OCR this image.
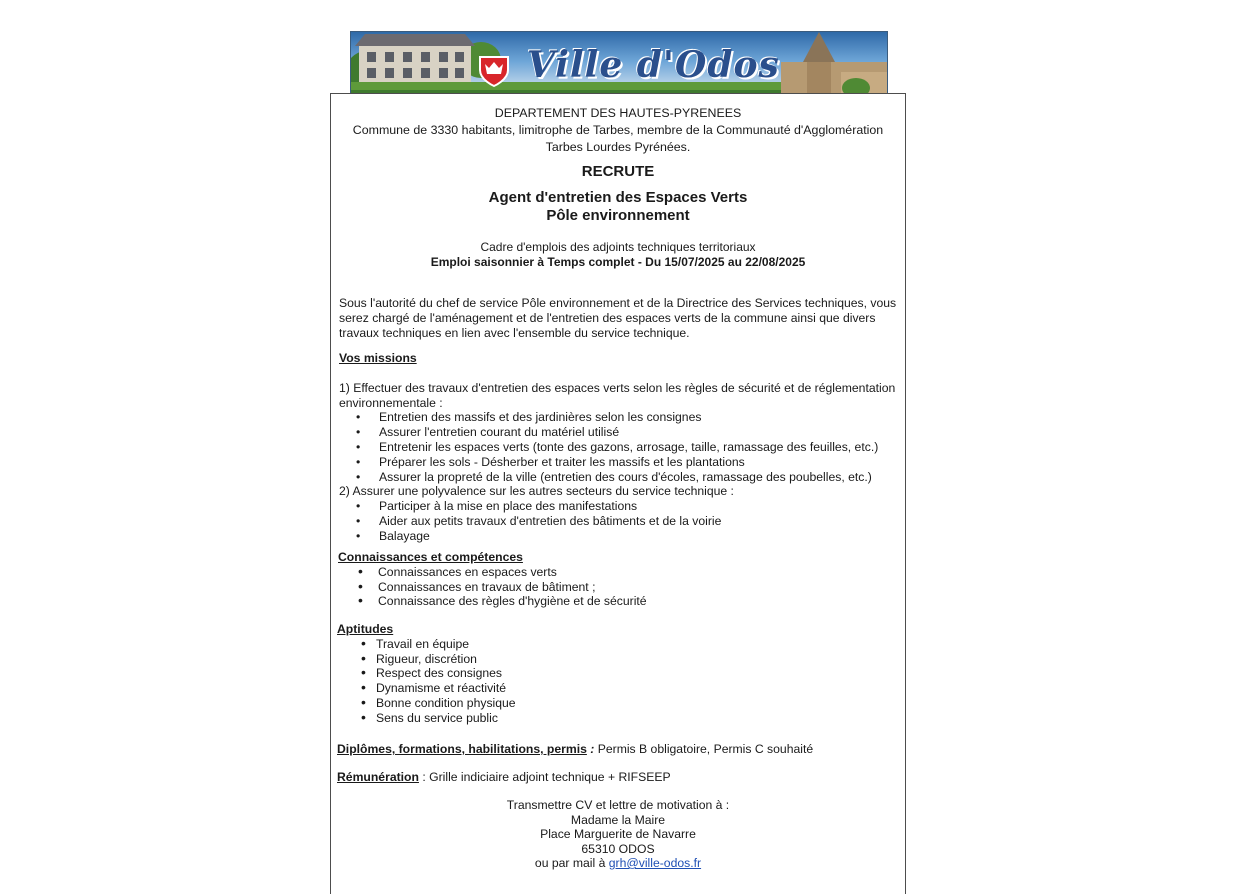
Ville d'Odos
DEPARTEMENT DES HAUTES-PYRENEES
Commune de 3330 habitants, limitrophe de Tarbes, membre de la Communauté d'Agglomération
Tarbes Lourdes Pyrénées.
RECRUTE
Agent d'entretien des Espaces Verts
Pôle environnement
Cadre d'emplois des adjoints techniques territoriaux
Emploi saisonnier à Temps complet - Du 15/07/2025 au 22/08/2025
Sous l'autorité du chef de service Pôle environnement et de la Directrice des Services techniques, vous serez chargé de l'aménagement et de l'entretien des espaces verts de la commune ainsi que divers travaux techniques en lien avec l'ensemble du service technique.
Vos missions
1) Effectuer des travaux d'entretien des espaces verts selon les règles de sécurité et de réglementation environnementale :
• Entretien des massifs et des jardinières selon les consignes
• Assurer l'entretien courant du matériel utilisé
• Entretenir les espaces verts (tonte des gazons, arrosage, taille, ramassage des feuilles, etc.)
• Préparer les sols - Désherber et traiter les massifs et les plantations
• Assurer la propreté de la ville (entretien des cours d'écoles, ramassage des poubelles, etc.)
2) Assurer une polyvalence sur les autres secteurs du service technique :
• Participer à la mise en place des manifestations
• Aider aux petits travaux d'entretien des bâtiments et de la voirie
• Balayage
Connaissances et compétences
• Connaissances en espaces verts
• Connaissances en travaux de bâtiment ;
• Connaissance des règles d'hygiène et de sécurité
Aptitudes
• Travail en équipe
• Rigueur, discrétion
• Respect des consignes
• Dynamisme et réactivité
• Bonne condition physique
• Sens du service public
Diplômes, formations, habilitations, permis : Permis B obligatoire, Permis C souhaité
Rémunération : Grille indiciaire adjoint technique + RIFSEEP
Transmettre CV et lettre de motivation à :
Madame la Maire
Place Marguerite de Navarre
65310 ODOS
ou par mail à grh@ville-odos.fr
